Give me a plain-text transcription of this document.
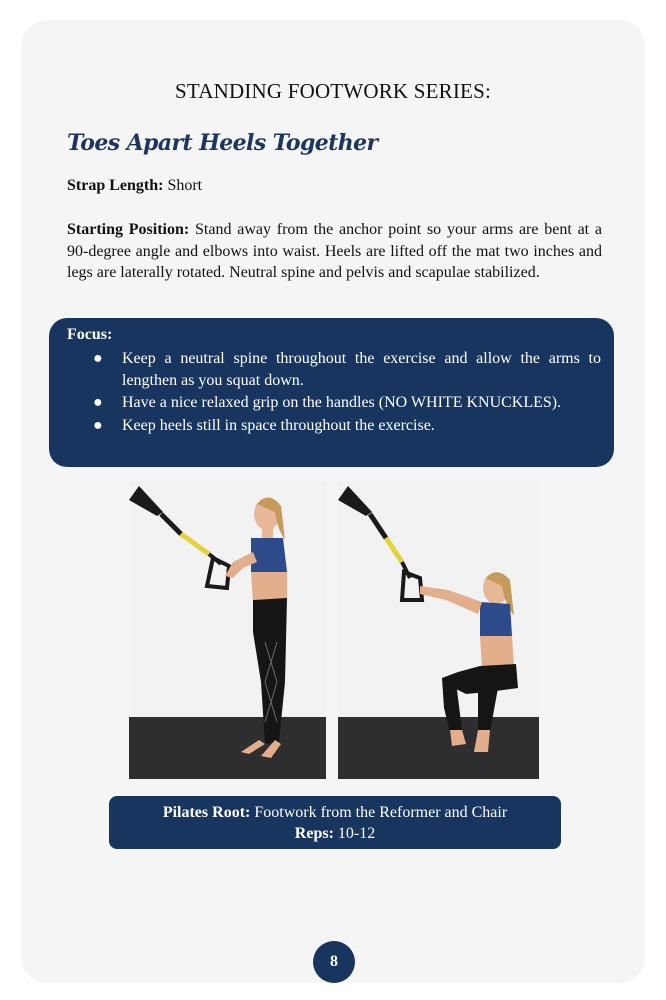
STANDING FOOTWORK SERIES:
Toes Apart Heels Together
Strap Length: Short
Starting Position: Stand away from the anchor point so your arms are bent at a 90-degree angle and elbows into waist. Heels are lifted off the mat two inches and legs are laterally rotated. Neutral spine and pelvis and scapulae stabilized.
Focus:
● Keep a neutral spine throughout the exercise and allow the arms to lengthen as you squat down.
● Have a nice relaxed grip on the handles (NO WHITE KNUCKLES).
● Keep heels still in space throughout the exercise.
Pilates Root: Footwork from the Reformer and Chair
Reps: 10-12
8
